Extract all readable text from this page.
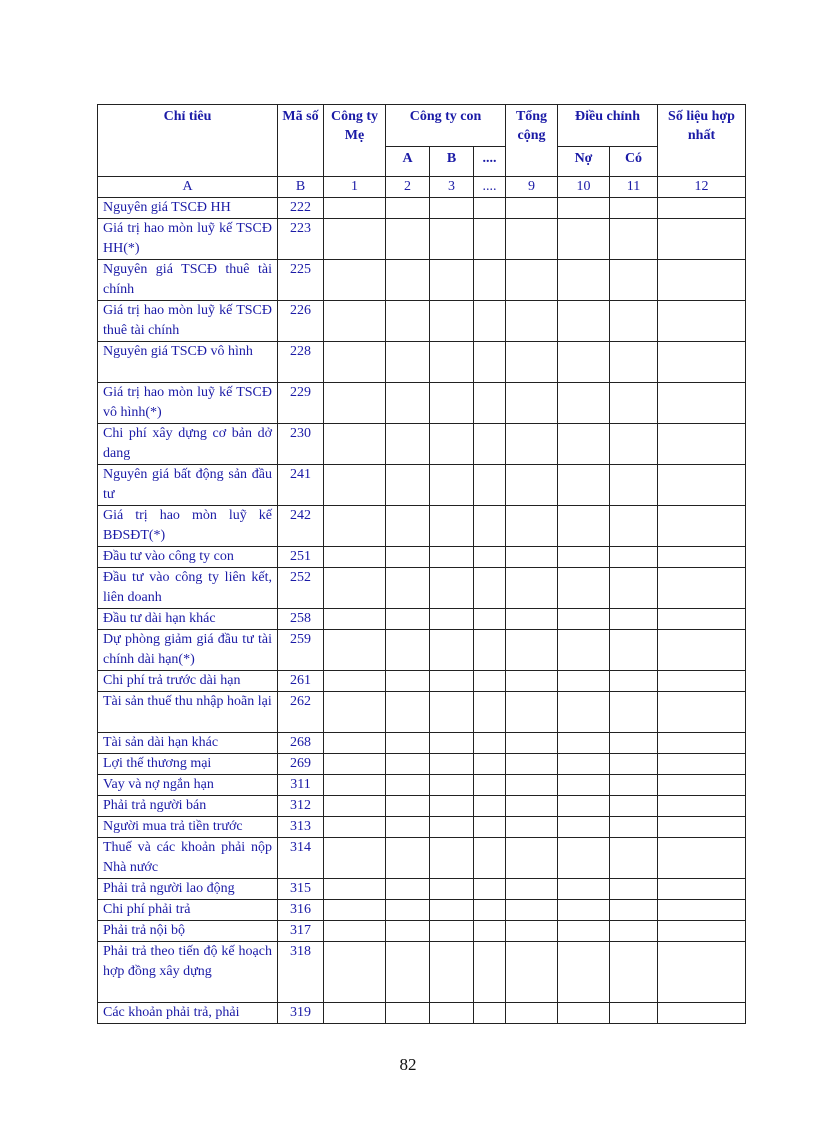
Chỉ tiêu	Mã số	Công ty Mẹ	Công ty con			Tổng cộng	Điều chỉnh		Số liệu hợp nhất
			A	B	....		Nợ	Có	
A	B	1	2	3	....	9	10	11	12
Nguyên giá TSCĐ HH	222								
Giá trị hao mòn luỹ kế TSCĐ HH(*)	223								
Nguyên giá TSCĐ thuê tài chính	225								
Giá trị hao mòn luỹ kế TSCĐ thuê tài chính	226								
Nguyên giá TSCĐ vô hình	228								
Giá trị hao mòn luỹ kế TSCĐ vô hình(*)	229								
Chi phí xây dựng cơ bản dở dang	230								
Nguyên giá bất động sản đầu tư	241								
Giá trị hao mòn luỹ kế BĐSĐT(*)	242								
Đầu tư vào công ty con	251								
Đầu tư vào công ty liên kết, liên doanh	252								
Đầu tư dài hạn khác	258								
Dự phòng giảm giá đầu tư tài chính dài hạn(*)	259								
Chi phí trả trước dài hạn	261								
Tài sản thuế thu nhập hoãn lại	262								
Tài sản dài hạn khác	268								
Lợi thế thương mại	269								
Vay và nợ ngắn hạn	311								
Phải trả người bán	312								
Người mua trả tiền trước	313								
Thuế và các khoản phải nộp Nhà nước	314								
Phải trả người lao động	315								
Chi phí phải trả	316								
Phải trả nội bộ	317								
Phải trả theo tiến độ kế hoạch hợp đồng xây dựng	318								
Các khoản phải trả, phải	319								
82
